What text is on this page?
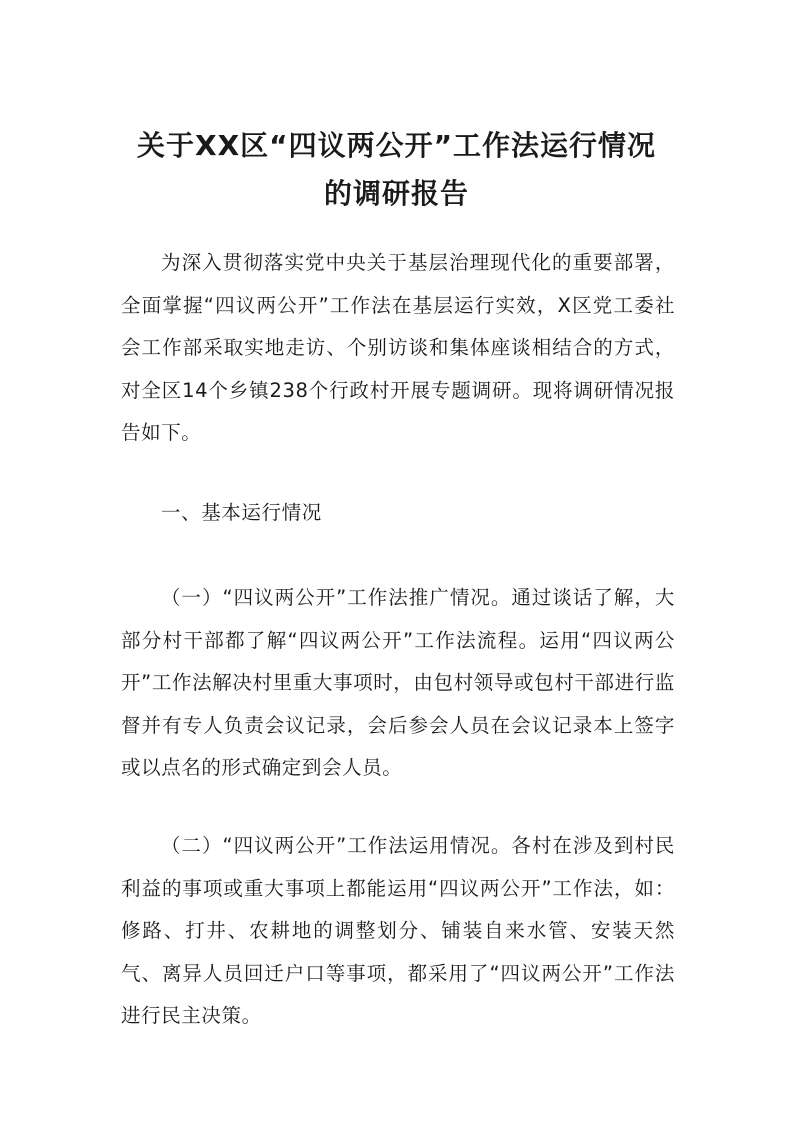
关于XX区“四议两公开”工作法运行情况
的调研报告

为深入贯彻落实党中央关于基层治理现代化的重要部署，全面掌握“四议两公开”工作法在基层运行实效，X区党工委社会工作部采取实地走访、个别访谈和集体座谈相结合的方式，对全区14个乡镇238个行政村开展专题调研。现将调研情况报告如下。

一、基本运行情况

（一）“四议两公开”工作法推广情况。通过谈话了解，大部分村干部都了解“四议两公开”工作法流程。运用“四议两公开”工作法解决村里重大事项时，由包村领导或包村干部进行监督并有专人负责会议记录，会后参会人员在会议记录本上签字或以点名的形式确定到会人员。

（二）“四议两公开”工作法运用情况。各村在涉及到村民利益的事项或重大事项上都能运用“四议两公开”工作法，如：修路、打井、农耕地的调整划分、铺装自来水管、安装天然气、离异人员回迁户口等事项，都采用了“四议两公开”工作法进行民主决策。
